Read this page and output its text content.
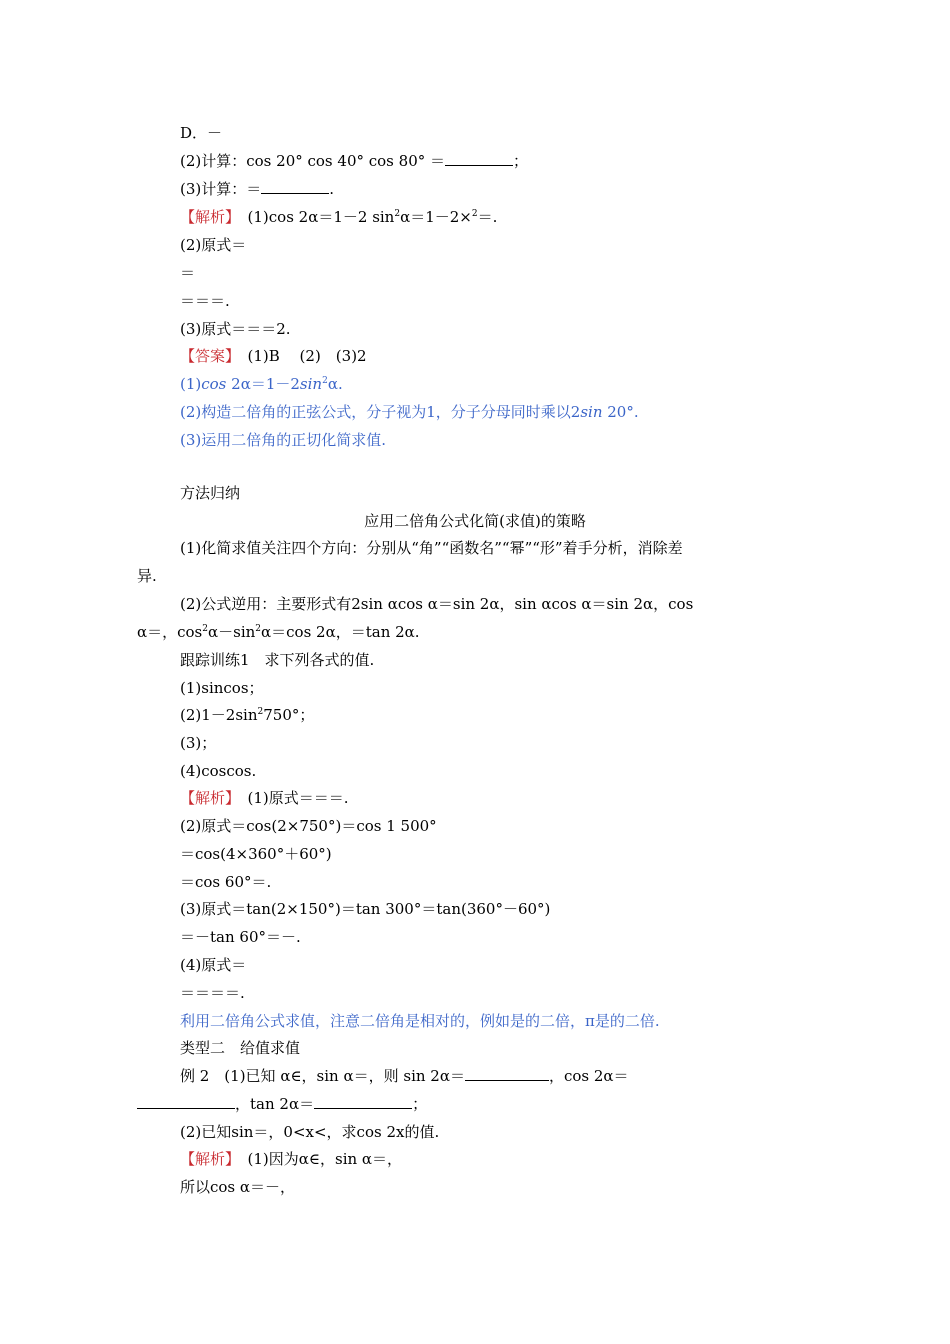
D．－
(2)计算：cos 20° cos 40° cos 80° ＝	；
(3)计算：＝	.
【解析】　(1)cos 2α＝1－2 $\sin^2\alpha=1-2\times^2=$.
(2)原式＝
＝
＝＝＝.
(3)原式＝＝＝2.
【答案】　(1)B　 (2)　(3)2
(1)cos $2\alpha=1-2\sin^2\alpha$.
(2)构造二倍角的正弦公式，分子视为1，分子分母同时乘以2sin 20°.
(3)运用二倍角的正切化简求值.
方法归纳
应用二倍角公式化简(求值)的策略
(1)化简求值关注四个方向：分别从“角”“函数名”“幂”“形”着手分析，消除差
异.
(2)公式逆用：主要形式有2sin αcos α＝sin 2α，sin αcos α＝sin 2α，cos
α＝，$\cos^2\alpha-\sin^2\alpha=\cos$ 2α，＝tan 2α.
跟踪训练1　求下列各式的值.
(1)sincos；
$(2)1-2\sin^2750^\circ$；
(3)；
(4)coscos.
【解析】　(1)原式＝＝＝.
(2)原式＝cos(2×750°)＝cos 1 500°
＝cos(4×360°＋60°)
＝cos 60°＝.
(3)原式＝tan(2×150°)＝tan 300°＝tan(360°－60°)
＝－tan 60°＝－.
(4)原式＝
＝＝＝＝.
利用二倍角公式求值，注意二倍角是相对的，例如是的二倍，π是的二倍.
类型二　给值求值
例 2　(1)已知 α∈，sin α＝，则 sin 2α＝	，cos 2α＝
，tan 2α＝	；
(2)已知sin＝，0<x<，求cos 2x的值.
【解析】　(1)因为α∈，sin α＝，
所以cos α＝－，
